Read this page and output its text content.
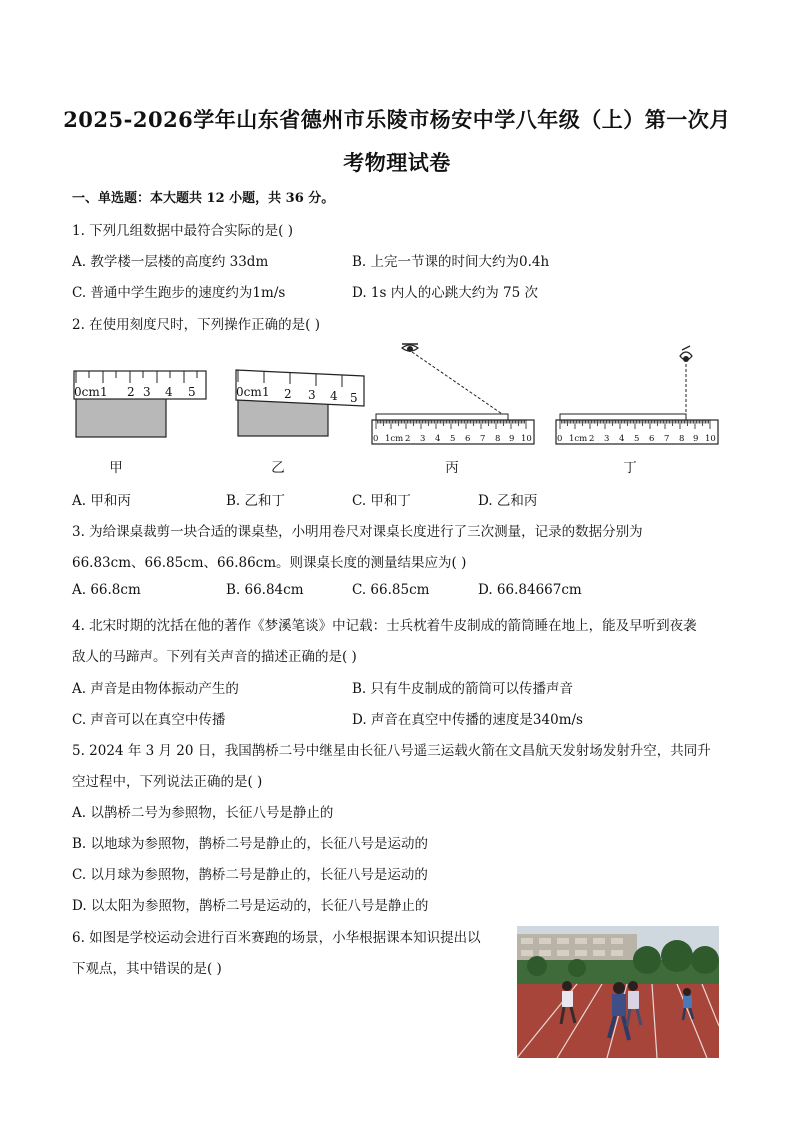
2025-2026学年山东省德州市乐陵市杨安中学八年级（上）第一次月
考物理试卷
一、单选题：本大题共 12 小题，共 36 分。
1. 下列几组数据中最符合实际的是( )
A. 教学楼一层楼的高度约 33dm	B. 上完一节课的时间大约为0.4h
C. 普通中学生跑步的速度约为1m/s	D. 1s 内人的心跳大约为 75 次
2. 在使用刻度尺时，下列操作正确的是( )
0cm 1 2 3 4 5
甲
0cm 1 2 3 4 5
乙
0 1cm 2 3 4 5 6 7 8 9 10
丙
0 1cm 2 3 4 5 6 7 8 9 10
丁
A. 甲和丙	B. 乙和丁	C. 甲和丁	D. 乙和丙
3. 为给课桌裁剪一块合适的课桌垫，小明用卷尺对课桌长度进行了三次测量，记录的数据分别为
66.83cm、66.85cm、66.86cm。则课桌长度的测量结果应为( )
A. 66.8cm	B. 66.84cm	C. 66.85cm	D. 66.84667cm
4. 北宋时期的沈括在他的著作《梦溪笔谈》中记载：士兵枕着牛皮制成的箭筒睡在地上，能及早听到夜袭
敌人的马蹄声。下列有关声音的描述正确的是( )
A. 声音是由物体振动产生的	B. 只有牛皮制成的箭筒可以传播声音
C. 声音可以在真空中传播	D. 声音在真空中传播的速度是340m/s
5. 2024 年 3 月 20 日，我国鹊桥二号中继星由长征八号遥三运载火箭在文昌航天发射场发射升空，共同升
空过程中，下列说法正确的是( )
A. 以鹊桥二号为参照物，长征八号是静止的
B. 以地球为参照物，鹊桥二号是静止的，长征八号是运动的
C. 以月球为参照物，鹊桥二号是静止的，长征八号是运动的
D. 以太阳为参照物，鹊桥二号是运动的，长征八号是静止的
6. 如图是学校运动会进行百米赛跑的场景，小华根据课本知识提出以
下观点，其中错误的是( )
